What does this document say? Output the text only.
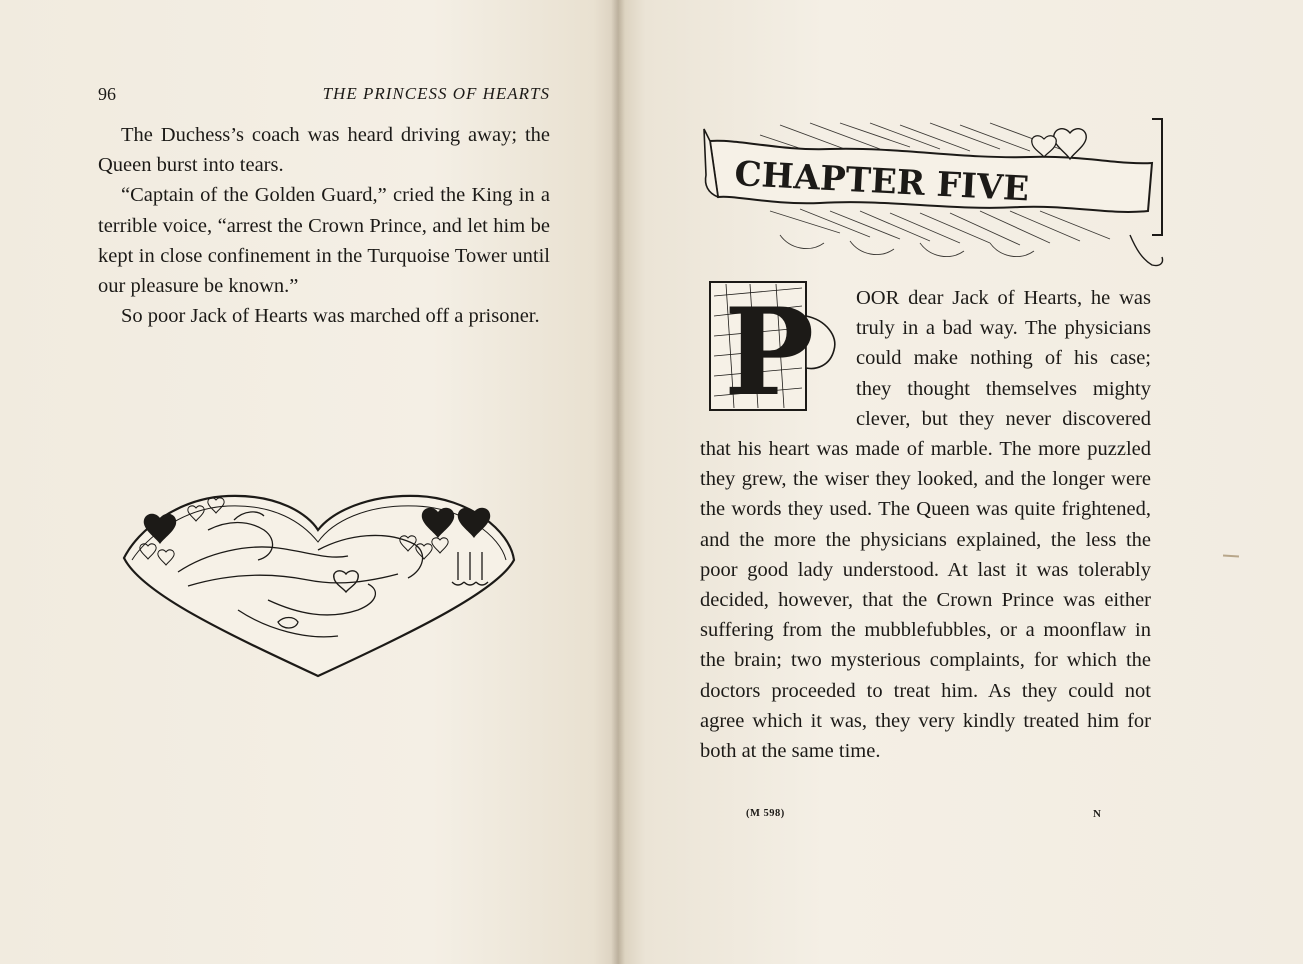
96	THE PRINCESS OF HEARTS

The Duchess’s coach was heard driving away; the Queen burst into tears.

“Captain of the Golden Guard,” cried the King in a terrible voice, “arrest the Crown Prince, and let him be kept in close confinement in the Turquoise Tower until our pleasure be known.”

So poor Jack of Hearts was marched off a prisoner.

CHAPTER FIVE
P	OOR dear Jack of Hearts, he was truly in a bad way. The physicians could make nothing of his case; they thought themselves mighty clever, but they never discovered that his heart was made of marble. The more puzzled they grew, the wiser they looked, and the longer were the words they used. The Queen was quite frightened, and the more the physicians explained, the less the poor good lady understood. At last it was tolerably decided, however, that the Crown Prince was either suffering from the mubblefubbles, or a moonflaw in the brain; two mysterious complaints, for which the doctors proceeded to treat him. As they could not agree which it was, they very kindly treated him for both at the same time.

(M 598)	N
